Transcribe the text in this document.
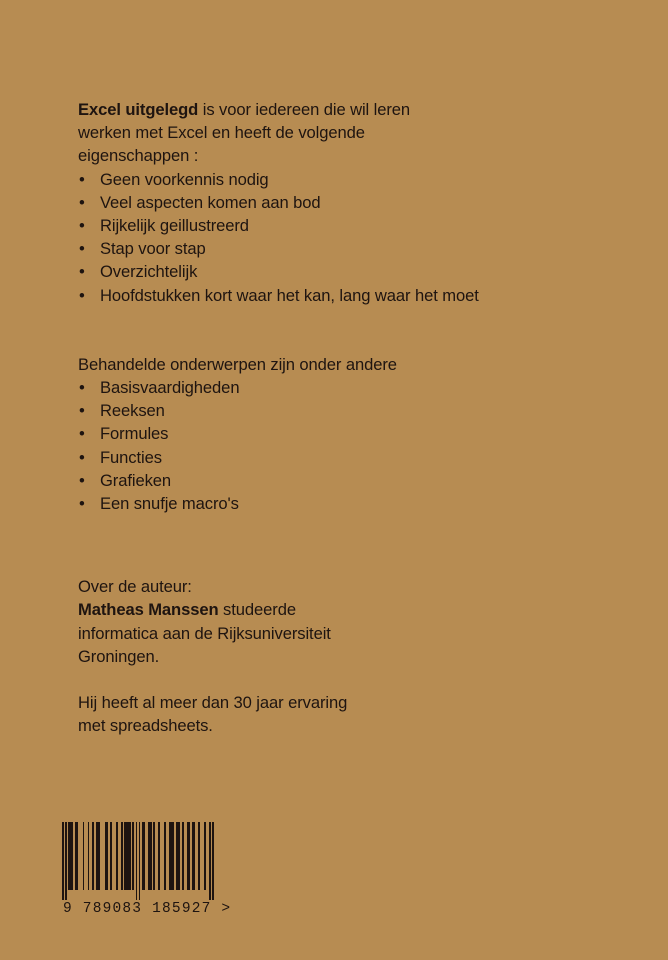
Excel uitgelegd is voor iedereen die wil leren
werken met Excel en heeft de volgende
eigenschappen :

• Geen voorkennis nodig
• Veel aspecten komen aan bod
• Rijkelijk geillustreerd
• Stap voor stap
• Overzichtelijk
• Hoofdstukken kort waar het kan, lang waar het moet

Behandelde onderwerpen zijn onder andere

• Basisvaardigheden
• Reeksen
• Formules
• Functies
• Grafieken
• Een snufje macro's

Over de auteur:
Matheas Manssen studeerde
informatica aan de Rijksuniversiteit
Groningen.

Hij heeft al meer dan 30 jaar ervaring
met spreadsheets.

9 789083 185927 >
